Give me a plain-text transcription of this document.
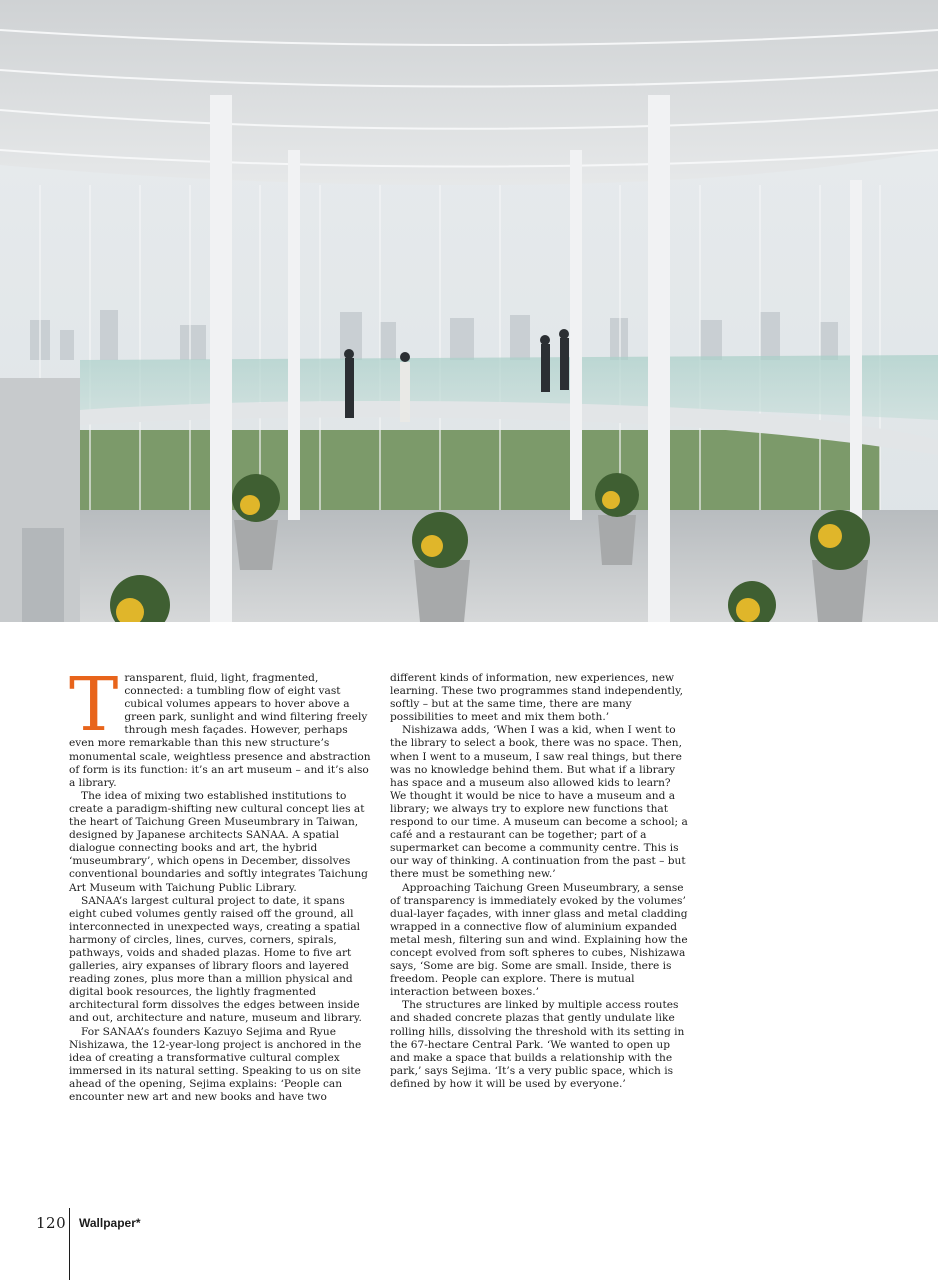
Transparent, fluid, light, fragmented, connected: a tumbling flow of eight vast cubical volumes appears to hover above a green park, sunlight and wind filtering freely through mesh façades. However, perhaps even more remarkable than this new structure’s monumental scale, weightless presence and abstraction of form is its function: it’s an art museum – and it’s also a library.

The idea of mixing two established institutions to create a paradigm-shifting new cultural concept lies at the heart of Taichung Green Museumbrary in Taiwan, designed by Japanese architects SANAA. A spatial dialogue connecting books and art, the hybrid ‘museumbrary’, which opens in December, dissolves conventional boundaries and softly integrates Taichung Art Museum with Taichung Public Library.

SANAA’s largest cultural project to date, it spans eight cubed volumes gently raised off the ground, all interconnected in unexpected ways, creating a spatial harmony of circles, lines, curves, corners, spirals, pathways, voids and shaded plazas. Home to five art galleries, airy expanses of library floors and layered reading zones, plus more than a million physical and digital book resources, the lightly fragmented architectural form dissolves the edges between inside and out, architecture and nature, museum and library.

For SANAA’s founders Kazuyo Sejima and Ryue Nishizawa, the 12-year-long project is anchored in the idea of creating a transformative cultural complex immersed in its natural setting. Speaking to us on site ahead of the opening, Sejima explains: ‘People can encounter new art and new books and have two

different kinds of information, new experiences, new learning. These two programmes stand independently, softly – but at the same time, there are many possibilities to meet and mix them both.’

Nishizawa adds, ‘When I was a kid, when I went to the library to select a book, there was no space. Then, when I went to a museum, I saw real things, but there was no knowledge behind them. But what if a library has space and a museum also allowed kids to learn? We thought it would be nice to have a museum and a library; we always try to explore new functions that respond to our time. A museum can become a school; a café and a restaurant can be together; part of a supermarket can become a community centre. This is our way of thinking. A continuation from the past – but there must be something new.’

Approaching Taichung Green Museumbrary, a sense of transparency is immediately evoked by the volumes’ dual-layer façades, with inner glass and metal cladding wrapped in a connective flow of aluminium expanded metal mesh, filtering sun and wind. Explaining how the concept evolved from soft spheres to cubes, Nishizawa says, ‘Some are big. Some are small. Inside, there is freedom. People can explore. There is mutual interaction between boxes.’

The structures are linked by multiple access routes and shaded concrete plazas that gently undulate like rolling hills, dissolving the threshold with its setting in the 67-hectare Central Park. ‘We wanted to open up and make a space that builds a relationship with the park,’ says Sejima. ‘It’s a very public space, which is defined by how it will be used by everyone.’

120 Wallpaper*
